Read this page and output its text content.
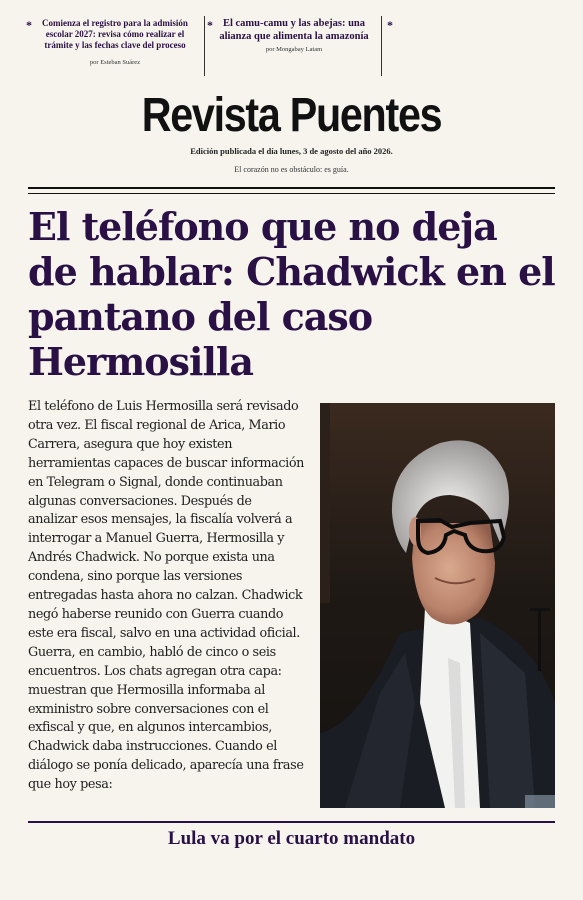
*	Comienza el registro para la admisión escolar 2027: revisa cómo realizar el trámite y las fechas clave del proceso
por Esteban Suárez
*	*
El camu-camu y las abejas: una alianza que alimenta la amazonía
por Mongabay Latam
Revista Puentes
Edición publicada el día lunes, 3 de agosto del año 2026.
El corazón no es obstáculo: es guía.
El teléfono que no deja de hablar: Chadwick en el pantano del caso Hermosilla

El teléfono de Luis Hermosilla será revisado otra vez. El fiscal regional de Arica, Mario Carrera, asegura que hoy existen herramientas capaces de buscar información en Telegram o Signal, donde continuaban algunas conversaciones. Después de analizar esos mensajes, la fiscalía volverá a interrogar a Manuel Guerra, Hermosilla y Andrés Chadwick. No porque exista una condena, sino porque las versiones entregadas hasta ahora no calzan. Chadwick negó haberse reunido con Guerra cuando este era fiscal, salvo en una actividad oficial. Guerra, en cambio, habló de cinco o seis encuentros. Los chats agregan otra capa: muestran que Hermosilla informaba al exministro sobre conversaciones con el exfiscal y que, en algunos intercambios, Chadwick daba instrucciones. Cuando el diálogo se ponía delicado, aparecía una frase que hoy pesa:

Lula va por el cuarto mandato
